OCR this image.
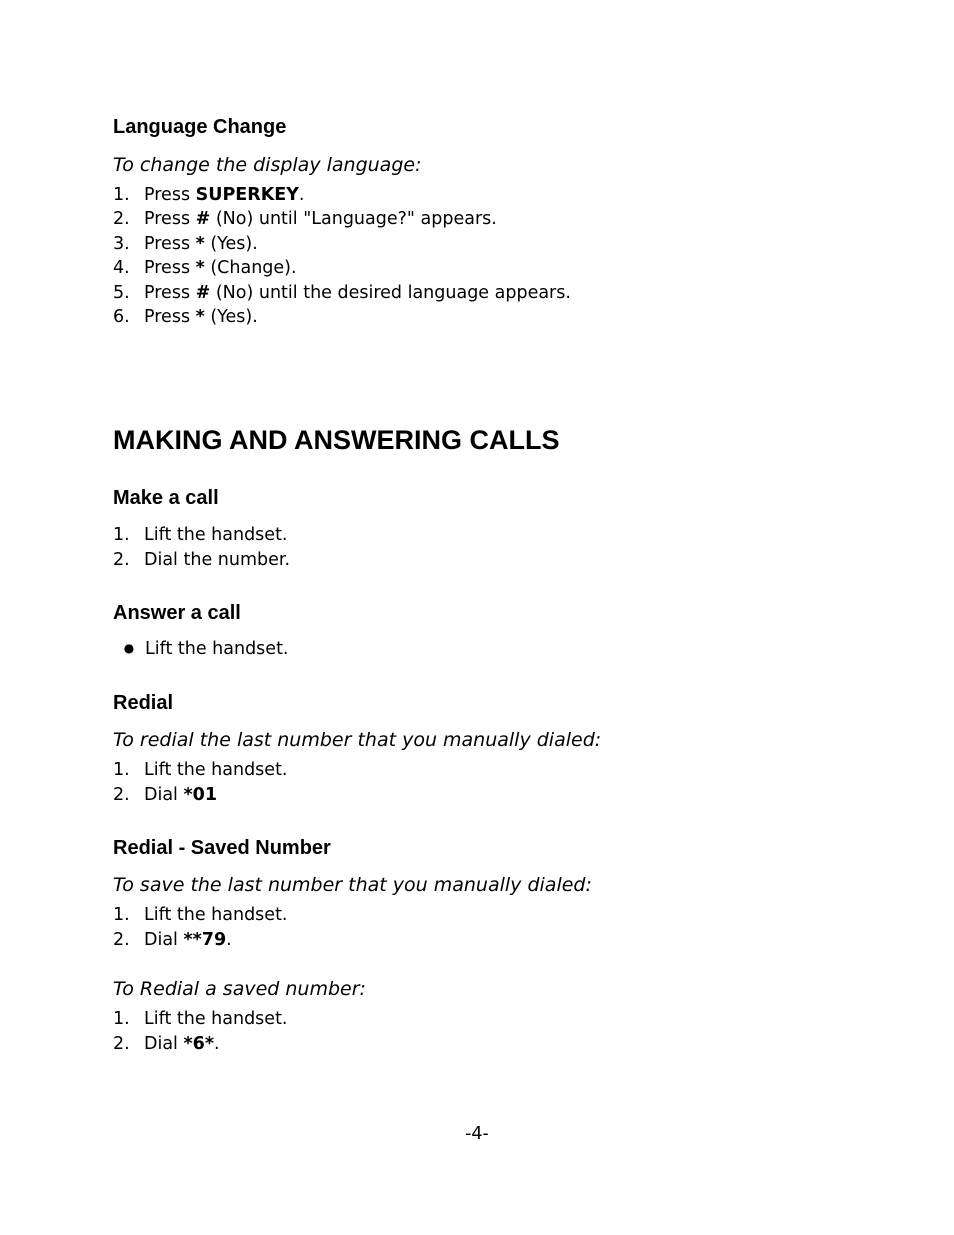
Language Change
To change the display language:
1. Press SUPERKEY.
2. Press # (No) until "Language?" appears.
3. Press * (Yes).
4. Press * (Change).
5. Press # (No) until the desired language appears.
6. Press * (Yes).
MAKING AND ANSWERING CALLS
Make a call
1. Lift the handset.
2. Dial the number.
Answer a call
● Lift the handset.
Redial
To redial the last number that you manually dialed:
1. Lift the handset.
2. Dial *01
Redial - Saved Number
To save the last number that you manually dialed:
1. Lift the handset.
2. Dial **79.
To Redial a saved number:
1. Lift the handset.
2. Dial *6*.
-4-
